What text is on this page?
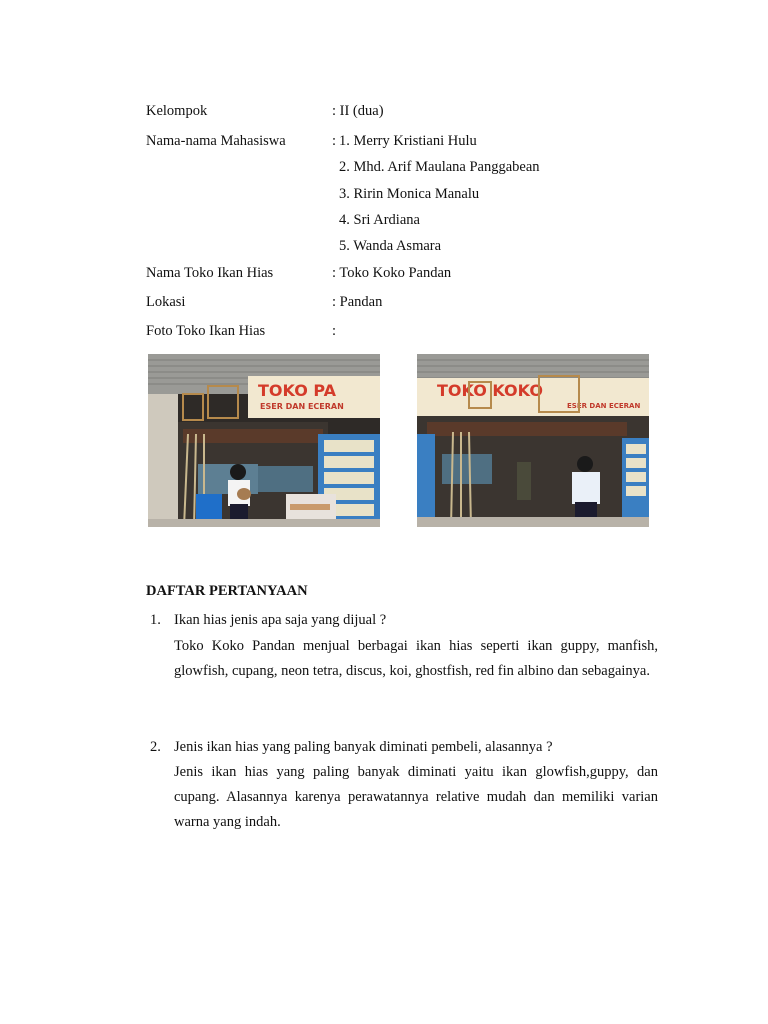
Kelompok	: II (dua)
Nama-nama Mahasiswa	: 1. Merry Kristiani Hulu
2. Mhd. Arif Maulana Panggabean
3. Ririn Monica Manalu
4. Sri Ardiana
5. Wanda Asmara
Nama Toko Ikan Hias	: Toko Koko Pandan
Lokasi	: Pandan
Foto Toko Ikan Hias	:
TOKO PA
ESER DAN ECERAN
TOKO KOKO
ESER DAN ECERAN
DAFTAR PERTANYAAN
1. Ikan hias jenis apa saja yang dijual ?
Toko Koko Pandan menjual berbagai ikan hias seperti ikan guppy, manfish, glowfish, cupang, neon tetra, discus, koi, ghostfish, red fin albino dan sebagainya.
2. Jenis ikan hias yang paling banyak diminati pembeli, alasannya ?
Jenis ikan hias yang paling banyak diminati yaitu ikan glowfish,guppy, dan cupang. Alasannya karenya perawatannya relative mudah dan memiliki varian warna yang indah.
